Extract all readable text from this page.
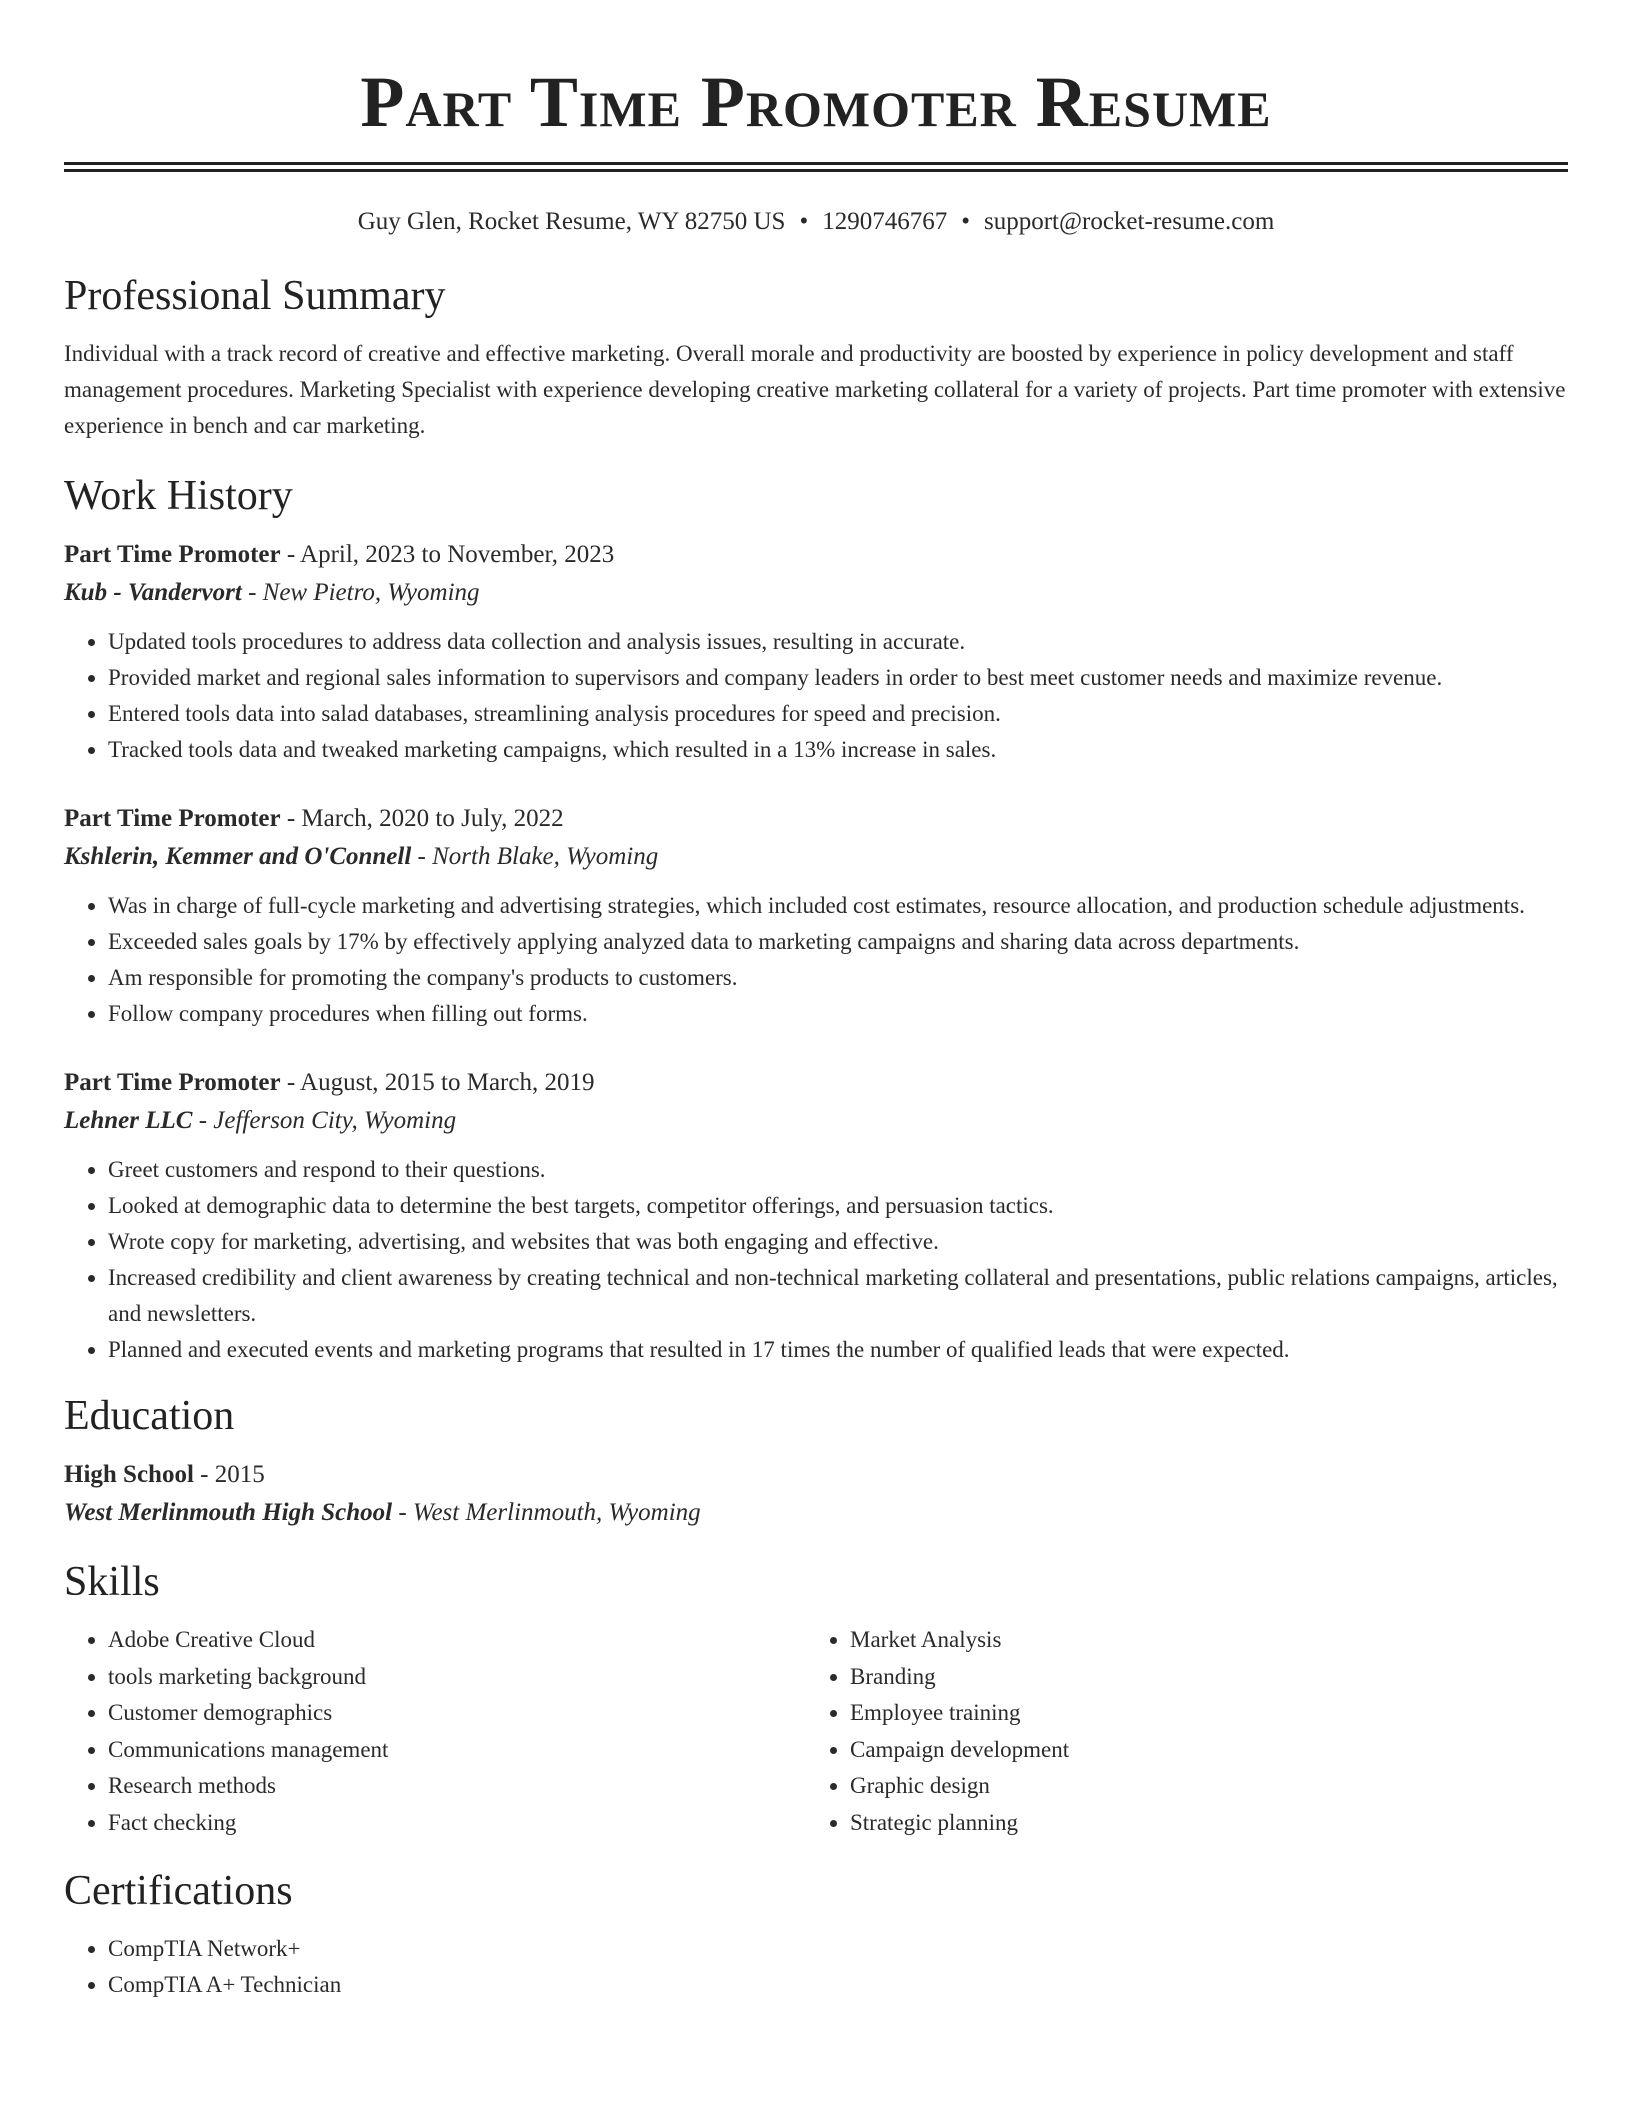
Part Time Promoter Resume
Guy Glen, Rocket Resume, WY 82750 US • 1290746767 • support@rocket-resume.com
Professional Summary

Individual with a track record of creative and effective marketing. Overall morale and productivity are boosted by experience in policy development and staff management procedures. Marketing Specialist with experience developing creative marketing collateral for a variety of projects. Part time promoter with extensive experience in bench and car marketing.

Work History

Part Time Promoter - April, 2023 to November, 2023

Kub - Vandervort - New Pietro, Wyoming

• Updated tools procedures to address data collection and analysis issues, resulting in accurate.
• Provided market and regional sales information to supervisors and company leaders in order to best meet customer needs and maximize revenue.
• Entered tools data into salad databases, streamlining analysis procedures for speed and precision.
• Tracked tools data and tweaked marketing campaigns, which resulted in a 13% increase in sales.

Part Time Promoter - March, 2020 to July, 2022

Kshlerin, Kemmer and O'Connell - North Blake, Wyoming

• Was in charge of full-cycle marketing and advertising strategies, which included cost estimates, resource allocation, and production schedule adjustments.
• Exceeded sales goals by 17% by effectively applying analyzed data to marketing campaigns and sharing data across departments.
• Am responsible for promoting the company's products to customers.
• Follow company procedures when filling out forms.

Part Time Promoter - August, 2015 to March, 2019

Lehner LLC - Jefferson City, Wyoming

• Greet customers and respond to their questions.
• Looked at demographic data to determine the best targets, competitor offerings, and persuasion tactics.
• Wrote copy for marketing, advertising, and websites that was both engaging and effective.
• Increased credibility and client awareness by creating technical and non-technical marketing collateral and presentations, public relations campaigns, articles, and newsletters.
• Planned and executed events and marketing programs that resulted in 17 times the number of qualified leads that were expected.
Education

High School - 2015

West Merlinmouth High School - West Merlinmouth, Wyoming

Skills
• Adobe Creative Cloud
• tools marketing background
• Customer demographics
• Communications management
• Research methods
• Fact checking
• Market Analysis
• Branding
• Employee training
• Campaign development
• Graphic design
• Strategic planning
Certifications
• CompTIA Network+
• CompTIA A+ Technician
